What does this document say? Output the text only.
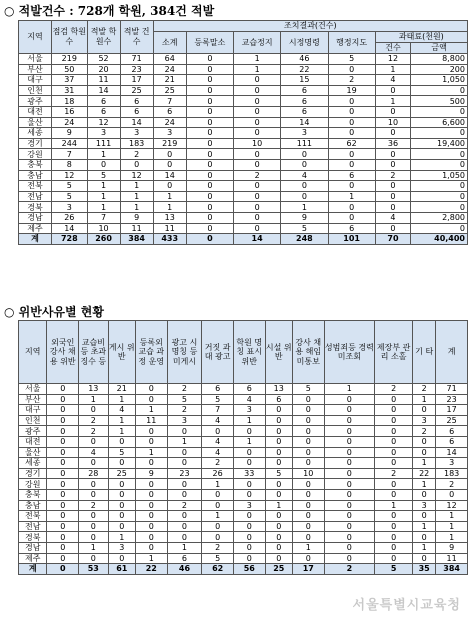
○ 적발건수 : 728개 학원, 384건 적발
지역	점검 학원수	적발 학원수	적발 건수	조치결과(건수)						
				소계	등록말소	교습정지	시정명령	행정지도	과태료(천원)	
									건수	금액
서울	219	52	71	64	0	1	46	5	12	8,800
부산	50	20	23	24	0	1	22	0	1	200
대구	37	11	17	21	0	0	15	2	4	1,050
인천	31	14	25	25	0	0	6	19	0	0
광주	18	6	6	7	0	0	6	0	1	500
대전	16	6	6	6	0	0	6	0	0	0
울산	24	12	14	24	0	0	14	0	10	6,600
세종	9	3	3	3	0	0	3	0	0	0
경기	244	111	183	219	0	10	111	62	36	19,400
강원	7	1	2	0	0	0	0	0	0	0
충북	8	0	0	0	0	0	0	0	0	0
충남	12	5	12	14	0	2	4	6	2	1,050
전북	5	1	1	0	0	0	0	0	0	0
전남	5	1	1	1	0	0	0	1	0	0
경북	3	1	1	1	0	0	1	0	0	0
경남	26	7	9	13	0	0	9	0	4	2,800
제주	14	10	11	11	0	0	5	6	0	0
계	728	260	384	433	0	14	248	101	70	40,400
○ 위반사유별 현황
지역	외국인 강사 채용 위반	교습비등 초과 징수 등	게시 위반	등록외 교습 과정 운영	광고 시 명칭 등 미게시	거짓 과대 광고	학원 명칭 표시 위반	시설 위반	강사 채용 해임 미통보	성범죄등 경력 미조회	제장부 관리 소홀	기 타	계
서울	0	13	21	0	2	6	6	13	5	1	2	2	71
부산	0	1	1	0	5	5	4	6	0	0	0	1	23
대구	0	0	4	1	2	7	3	0	0	0	0	0	17
인천	0	2	1	11	3	4	1	0	0	0	0	3	25
광주	0	2	1	0	0	0	0	0	0	0	0	2	6
대전	0	0	0	0	1	4	1	0	0	0	0	0	6
울산	0	4	5	1	0	4	0	0	0	0	0	0	14
세종	0	0	0	0	0	2	0	0	0	0	0	1	3
경기	0	28	25	9	23	26	33	5	10	0	2	22	183
강원	0	0	0	0	0	1	0	0	0	0	0	1	2
충북	0	0	0	0	0	0	0	0	0	0	0	0	0
충남	0	2	0	0	2	0	3	1	0	0	1	3	12
전북	0	0	0	0	0	1	0	0	0	0	0	0	1
전남	0	0	0	0	0	0	0	0	0	0	0	1	1
경북	0	0	1	0	0	0	0	0	0	0	0	0	1
경남	0	1	3	0	1	2	0	0	1	0	0	1	9
제주	0	0	0	1	6	5	0	0	0	0	0	0	11
계	0	53	61	22	46	62	56	25	17	2	5	35	384
서울특별시교육청
